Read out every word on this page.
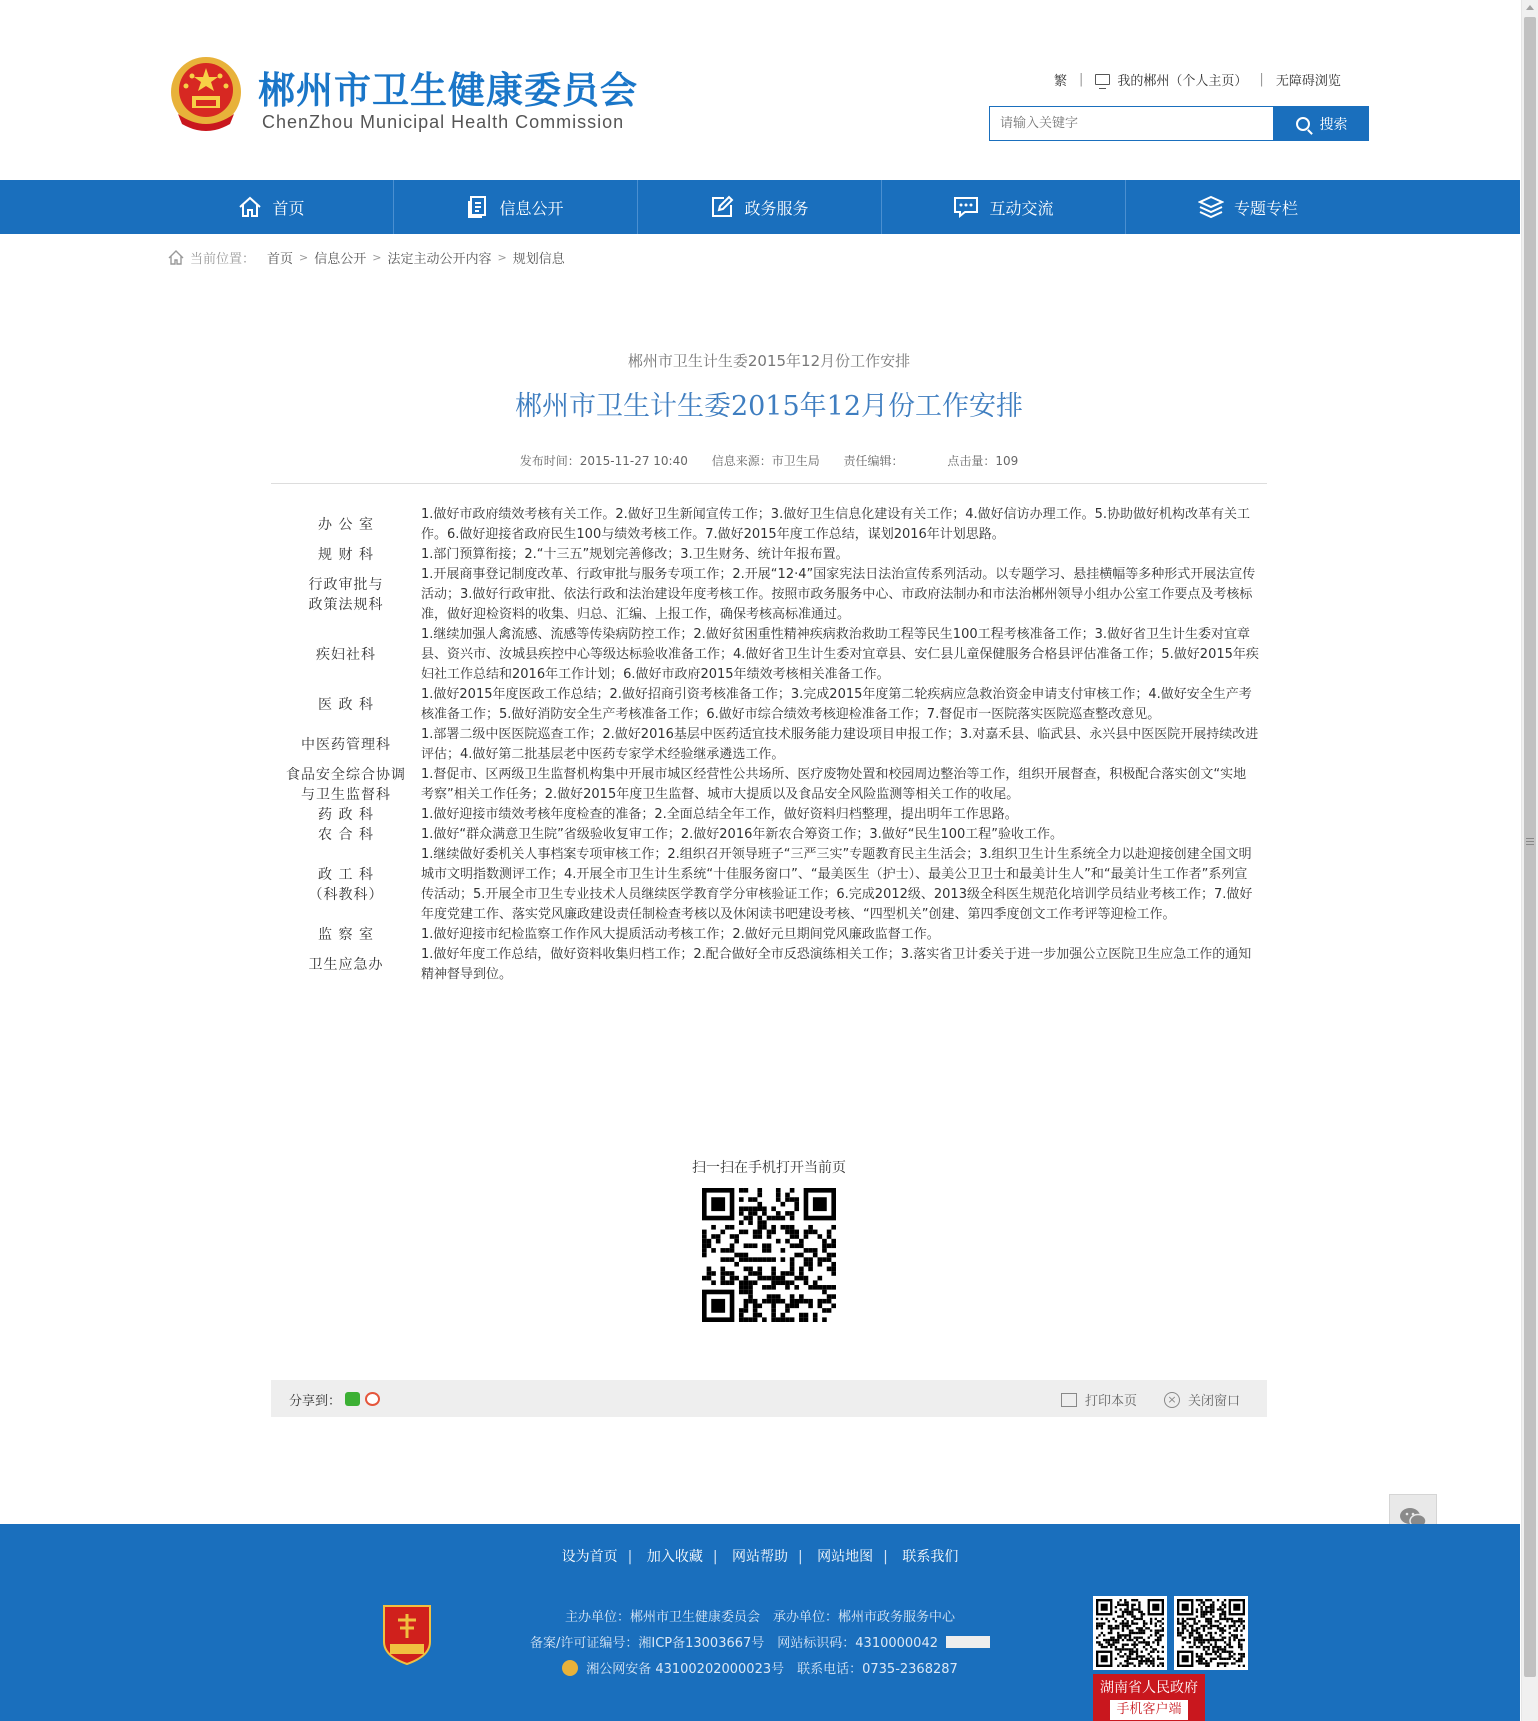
郴州市卫生健康委员会
ChenZhou Municipal Health Commission
繁 |	我的郴州（个人主页） | 无障碍浏览
请输入关键字
搜索
首页	信息公开	政务服务	互动交流	专题专栏
当前位置： 首页 > 信息公开 > 法定主动公开内容 > 规划信息
郴州市卫生计生委2015年12月份工作安排
郴州市卫生计生委2015年12月份工作安排
发布时间：2015-11-27 10:40 信息来源：市卫生局 责任编辑：	点击量：109
办 公 室	1.做好市政府绩效考核有关工作。2.做好卫生新闻宣传工作；3.做好卫生信息化建设有关工作；4.做好信访办理工作。5.协助做好机构改革有关工作。6.做好迎接省政府民生100与绩效考核工作。7.做好2015年度工作总结，谋划2016年计划思路。
规 财 科	1.部门预算衔接；2.“十三五”规划完善修改；3.卫生财务、统计年报布置。
行政审批与
政策法规科	1.开展商事登记制度改革、行政审批与服务专项工作；2.开展“12·4”国家宪法日法治宣传系列活动。以专题学习、悬挂横幅等多种形式开展法宣传活动；3.做好行政审批、依法行政和法治建设年度考核工作。按照市政务服务中心、市政府法制办和市法治郴州领导小组办公室工作要点及考核标准，做好迎检资料的收集、归总、汇编、上报工作，确保考核高标准通过。
疾妇社科	1.继续加强人禽流感、流感等传染病防控工作；2.做好贫困重性精神疾病救治救助工程等民生100工程考核准备工作；3.做好省卫生计生委对宜章县、资兴市、汝城县疾控中心等级达标验收准备工作；4.做好省卫生计生委对宜章县、安仁县儿童保健服务合格县评估准备工作；5.做好2015年疾妇社工作总结和2016年工作计划；6.做好市政府2015年绩效考核相关准备工作。
医 政 科	1.做好2015年度医政工作总结；2.做好招商引资考核准备工作；3.完成2015年度第二轮疾病应急救治资金申请支付审核工作；4.做好安全生产考核准备工作；5.做好消防安全生产考核准备工作；6.做好市综合绩效考核迎检准备工作；7.督促市一医院落实医院巡查整改意见。
中医药管理科	1.部署二级中医医院巡查工作；2.做好2016基层中医药适宜技术服务能力建设项目申报工作；3.对嘉禾县、临武县、永兴县中医医院开展持续改进评估；4.做好第二批基层老中医药专家学术经验继承遴选工作。
食品安全综合协调
与卫生监督科	1.督促市、区两级卫生监督机构集中开展市城区经营性公共场所、医疗废物处置和校园周边整治等工作，组织开展督查，积极配合落实创文“实地考察”相关工作任务；2.做好2015年度卫生监督、城市大提质以及食品安全风险监测等相关工作的收尾。
药 政 科	1.做好迎接市绩效考核年度检查的准备；2.全面总结全年工作，做好资料归档整理，提出明年工作思路。
农 合 科	1.做好“群众满意卫生院”省级验收复审工作；2.做好2016年新农合筹资工作；3.做好“民生100工程”验收工作。
政 工 科
（科教科）	1.继续做好委机关人事档案专项审核工作；2.组织召开领导班子“三严三实”专题教育民主生活会；3.组织卫生计生系统全力以赴迎接创建全国文明城市文明指数测评工作；4.开展全市卫生计生系统“十佳服务窗口”、“最美医生（护士）、最美公卫卫士和最美计生人”和“最美计生工作者”系列宣传活动；5.开展全市卫生专业技术人员继续医学教育学分审核验证工作；6.完成2012级、2013级全科医生规范化培训学员结业考核工作；7.做好年度党建工作、落实党风廉政建设责任制检查考核以及休闲读书吧建设考核、“四型机关”创建、第四季度创文工作考评等迎检工作。
监 察 室	1.做好迎接市纪检监察工作作风大提质活动考核工作；2.做好元旦期间党风廉政监督工作。
卫生应急办	1.做好年度工作总结，做好资料收集归档工作；2.配合做好全市反恐演练相关工作；3.落实省卫计委关于进一步加强公立医院卫生应急工作的通知精神督导到位。
扫一扫在手机打开当前页
分享到：	打印本页	× 关闭窗口
设为首页 | 加入收藏 | 网站帮助 | 网站地图 | 联系我们
主办单位：郴州市卫生健康委员会　承办单位：郴州市政务服务中心
备案/许可证编号：湘ICP备13003667号　网站标识码：4310000042
湘公网安备 43100202000023号　联系电话：0735-2368287
湖南省人民政府
手机客户端
